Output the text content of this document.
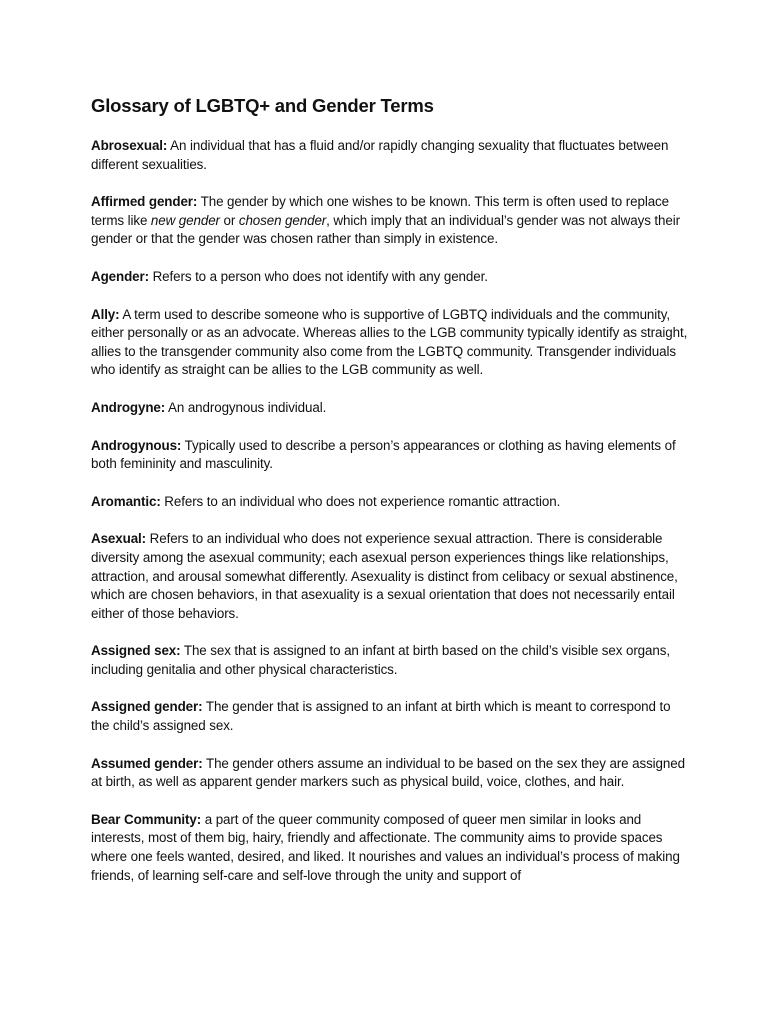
Glossary of LGBTQ+ and Gender Terms
Abrosexual: An individual that has a fluid and/or rapidly changing sexuality that fluctuates between different sexualities.
Affirmed gender: The gender by which one wishes to be known. This term is often used to replace terms like new gender or chosen gender, which imply that an individual’s gender was not always their gender or that the gender was chosen rather than simply in existence.
Agender: Refers to a person who does not identify with any gender.
Ally: A term used to describe someone who is supportive of LGBTQ individuals and the community, either personally or as an advocate. Whereas allies to the LGB community typically identify as straight, allies to the transgender community also come from the LGBTQ community. Transgender individuals who identify as straight can be allies to the LGB community as well.
Androgyne: An androgynous individual.
Androgynous: Typically used to describe a person’s appearances or clothing as having elements of both femininity and masculinity.
Aromantic: Refers to an individual who does not experience romantic attraction.
Asexual: Refers to an individual who does not experience sexual attraction. There is considerable diversity among the asexual community; each asexual person experiences things like relationships, attraction, and arousal somewhat differently. Asexuality is distinct from celibacy or sexual abstinence, which are chosen behaviors, in that asexuality is a sexual orientation that does not necessarily entail either of those behaviors.
Assigned sex: The sex that is assigned to an infant at birth based on the child’s visible sex organs, including genitalia and other physical characteristics.
Assigned gender: The gender that is assigned to an infant at birth which is meant to correspond to the child’s assigned sex.
Assumed gender: The gender others assume an individual to be based on the sex they are assigned at birth, as well as apparent gender markers such as physical build, voice, clothes, and hair.
Bear Community: a part of the queer community composed of queer men similar in looks and interests, most of them big, hairy, friendly and affectionate. The community aims to provide spaces where one feels wanted, desired, and liked. It nourishes and values an individual’s process of making friends, of learning self-care and self-love through the unity and support of
